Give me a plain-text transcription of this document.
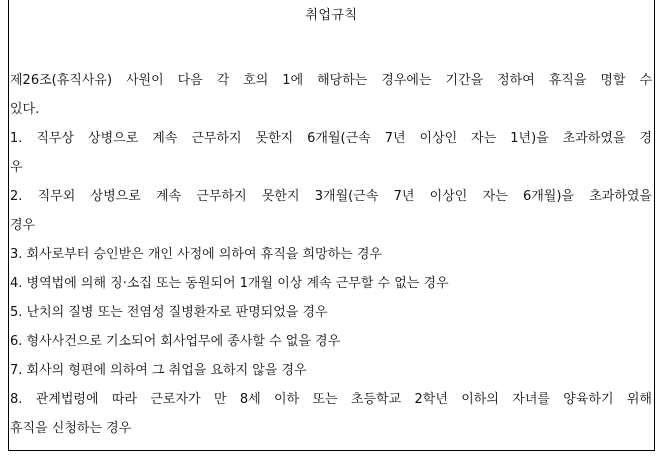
취업규칙
제26조(휴직사유) 사원이 다음 각 호의 1에 해당하는 경우에는 기간을 정하여 휴직을 명할 수
있다.
1. 직무상 상병으로 계속 근무하지 못한지 6개월(근속 7년 이상인 자는 1년)을 초과하였을 경
우
2. 직무외 상병으로 계속 근무하지 못한지 3개월(근속 7년 이상인 자는 6개월)을 초과하였을
경우
3. 회사로부터 승인받은 개인 사정에 의하여 휴직을 희망하는 경우
4. 병역법에 의해 징·소집 또는 동원되어 1개월 이상 계속 근무할 수 없는 경우
5. 난치의 질병 또는 전염성 질병환자로 판명되었을 경우
6. 형사사건으로 기소되어 회사업무에 종사할 수 없을 경우
7. 회사의 형편에 의하여 그 취업을 요하지 않을 경우
8. 관계법령에 따라 근로자가 만 8세 이하 또는 초등학교 2학년 이하의 자녀를 양육하기 위해
휴직을 신청하는 경우
